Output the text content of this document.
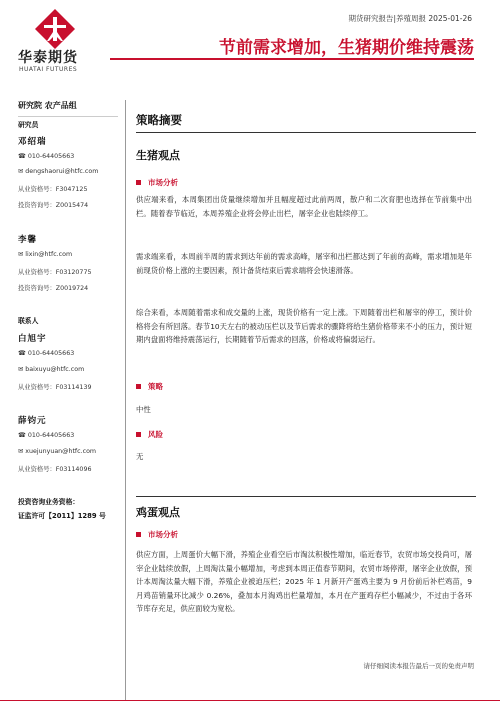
华泰期货
HUATAI FUTURES
期货研究报告|养殖周报 2025-01-26
节前需求增加，生猪期价维持震荡
研究院 农产品组
研究员
邓绍瑞
☎ 010-64405663
✉ dengshaorui@htfc.com
从业资格号：F3047125
投资咨询号：Z0015474
李馨
✉ lixin@htfc.com
从业资格号：F03120775
投资咨询号：Z0019724
联系人
白旭宇
☎ 010-64405663
✉ baixuyu@htfc.com
从业资格号：F03114139
薛钧元
☎ 010-64405663
✉ xuejunyuan@htfc.com
从业资格号：F03114096
投资咨询业务资格：
证监许可【2011】1289 号
策略摘要
生猪观点
市场分析
供应端来看，本周集团出货量继续增加并且幅度超过此前两周，散户和二次育肥也选择在节前集中出栏。随着春节临近，本周养殖企业将会停止出栏，屠宰企业也陆续停工。
需求端来看，本周前半周的需求到达年前的需求高峰，屠宰和出栏都达到了年前的高峰，需求增加是年前现货价格上涨的主要因素，预计备货结束后需求端将会快速滑落。
综合来看，本周随着需求和成交量的上涨，现货价格有一定上涨。下周随着出栏和屠宰的停工，预计价格将会有所回落。春节10天左右的被动压栏以及节后需求的骤降将给生猪价格带来不小的压力，预计短期内盘面将维持震荡运行，长期随着节后需求的回落，价格或将偏弱运行。
策略
中性
风险
无
鸡蛋观点
市场分析
供应方面，上周蛋价大幅下滑，养殖企业看空后市淘汰积极性增加，临近春节，农贸市场交投尚可，屠宰企业陆续放假，上周淘汰量小幅增加，考虑到本周正值春节期间，农贸市场停滞，屠宰企业放假，预计本周淘汰量大幅下滑，养殖企业被迫压栏；2025 年 1 月新开产蛋鸡主要为 9 月份前后补栏鸡苗，9 月鸡苗销量环比减少 0.26%，叠加本月淘鸡出栏量增加，本月在产蛋鸡存栏小幅减少，不过由于各环节库存充足，供应面较为宽松。
请仔细阅读本报告最后一页的免责声明
